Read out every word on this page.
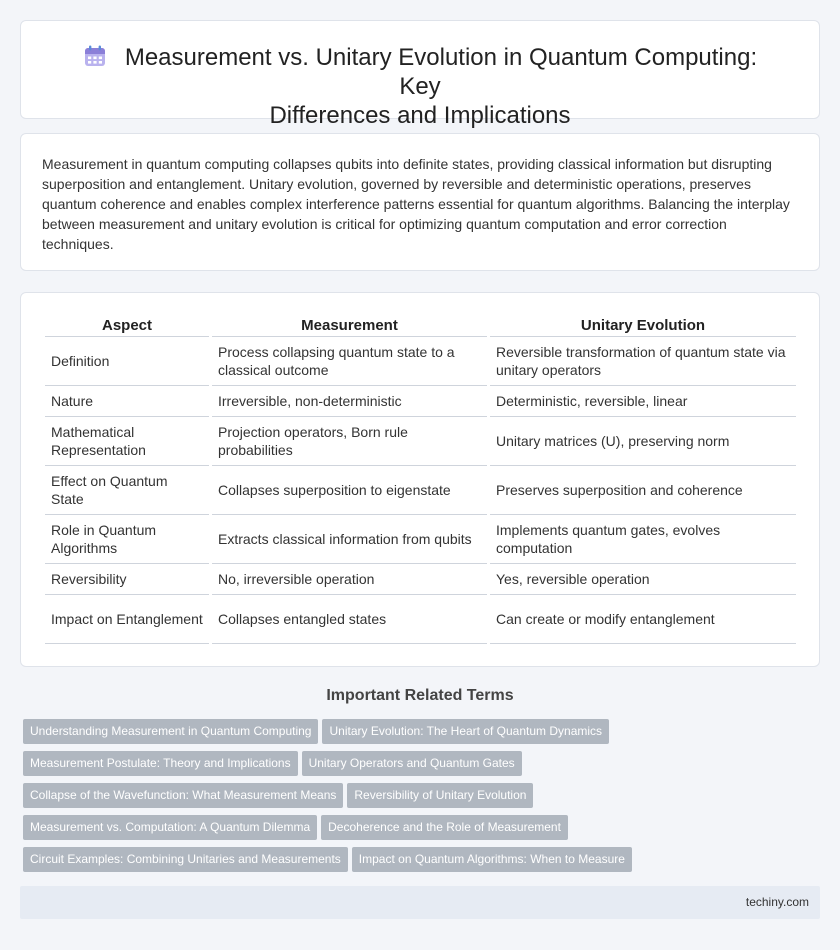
Measurement vs. Unitary Evolution in Quantum Computing: Key
Differences and Implications

Measurement in quantum computing collapses qubits into definite states, providing classical information but disrupting superposition and entanglement. Unitary evolution, governed by reversible and deterministic operations, preserves quantum coherence and enables complex interference patterns essential for quantum algorithms. Balancing the interplay between measurement and unitary evolution is critical for optimizing quantum computation and error correction techniques.

Aspect	Measurement	Unitary Evolution
Definition	Process collapsing quantum state to a classical outcome	Reversible transformation of quantum state via unitary operators
Nature	Irreversible, non-deterministic	Deterministic, reversible, linear
Mathematical Representation	Projection operators, Born rule probabilities	Unitary matrices (U), preserving norm
Effect on Quantum State	Collapses superposition to eigenstate	Preserves superposition and coherence
Role in Quantum Algorithms	Extracts classical information from qubits	Implements quantum gates, evolves computation
Reversibility	No, irreversible operation	Yes, reversible operation
Impact on Entanglement	Collapses entangled states	Can create or modify entanglement
Important Related Terms
Understanding Measurement in Quantum Computing Unitary Evolution: The Heart of Quantum Dynamics
Measurement Postulate: Theory and Implications Unitary Operators and Quantum Gates
Collapse of the Wavefunction: What Measurement Means Reversibility of Unitary Evolution
Measurement vs. Computation: A Quantum Dilemma Decoherence and the Role of Measurement
Circuit Examples: Combining Unitaries and Measurements Impact on Quantum Algorithms: When to Measure
techiny.com
